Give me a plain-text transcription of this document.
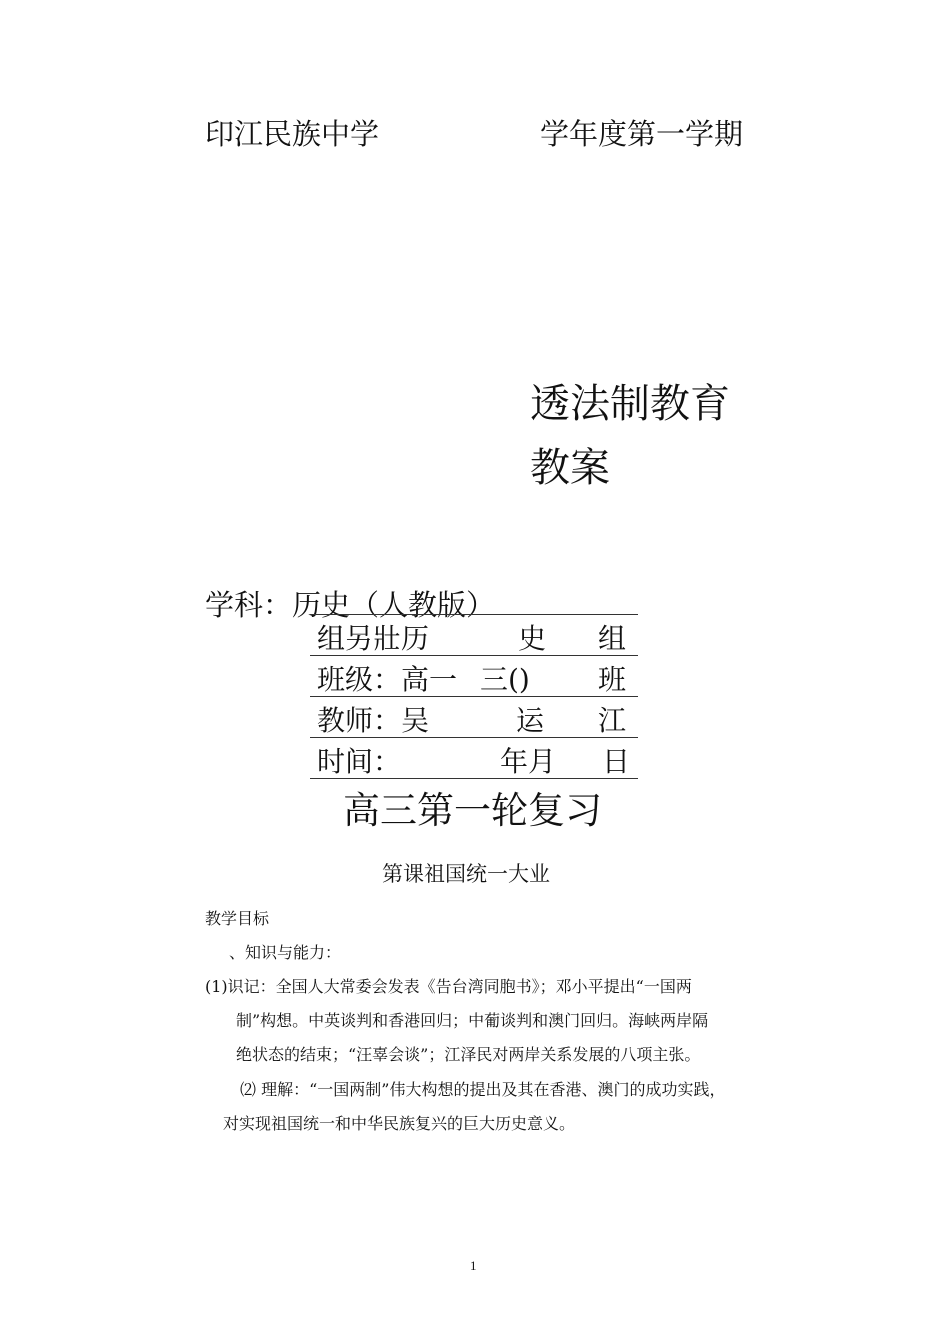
印江民族中学	学年度第一学期
透法制教育
教案
学科：历史（人教版）
组另壯历	史 组
班级：高一 三() 班
教师：吴	运 江
时间：	年月 日
高三第一轮复习
第课祖国统一大业
教学目标
、知识与能力：
(1)识记：全国人大常委会发表《告台湾同胞书》；邓小平提出“一国两
制”构想。中英谈判和香港回归；中葡谈判和澳门回归。海峡两岸隔
绝状态的结束；“汪辜会谈”；江泽民对两岸关系发展的八项主张。
⑵ 理解：“一国两制”伟大构想的提出及其在香港、澳门的成功实践，
对实现祖国统一和中华民族复兴的巨大历史意义。
1
